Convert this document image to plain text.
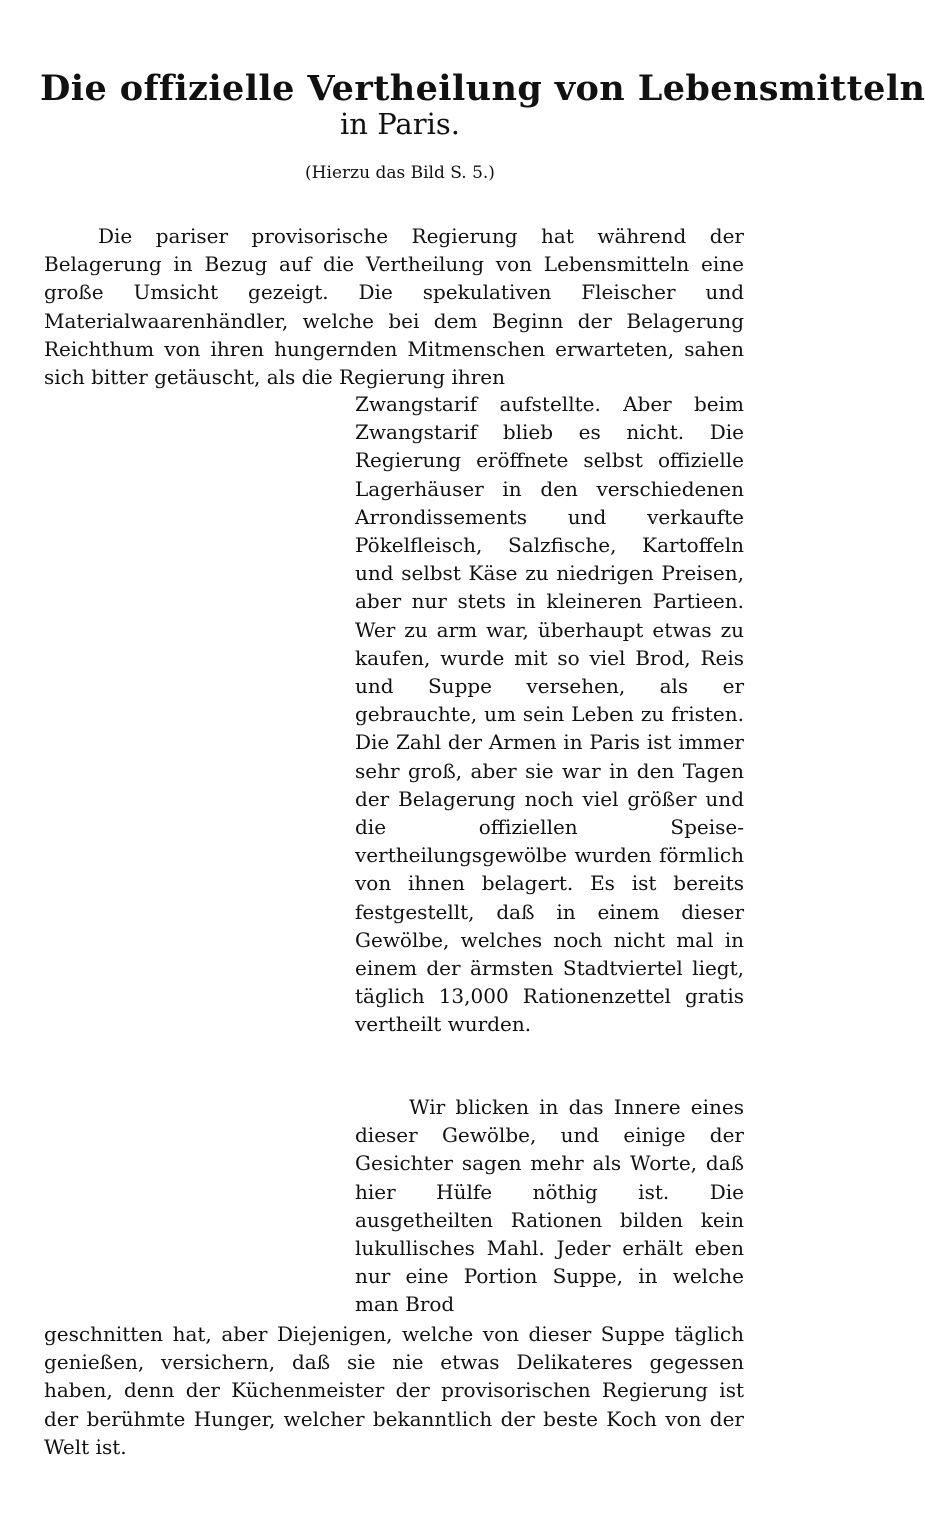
Die offizielle Vertheilung von Lebensmitteln
in Paris.
(Hierzu das Bild S. 5.)

Die pariser provisorische Regierung hat während der Belagerung in Bezug auf die Vertheilung von Lebensmitteln eine große Umsicht gezeigt. Die spekulativen Fleischer und Materialwaarenhändler, welche bei dem Beginn der Belagerung Reichthum von ihren hungernden Mitmenschen erwarteten, sahen sich bitter getäuscht, als die Regierung ihren

Zwangstarif aufstellte. Aber beim Zwangstarif blieb es nicht. Die Regierung eröffnete selbst offizielle Lagerhäuser in den verschiedenen Arrondissements und verkaufte Pökelfleisch, Salzfische, Kartoffeln und selbst Käse zu niedrigen Preisen, aber nur stets in kleineren Partieen. Wer zu arm war, überhaupt etwas zu kaufen, wurde mit so viel Brod, Reis und Suppe versehen, als er gebrauchte, um sein Leben zu fristen. Die Zahl der Armen in Paris ist immer sehr groß, aber sie war in den Tagen der Belagerung noch viel größer und die offiziellen Speisevertheilungsgewölbe wurden förmlich von ihnen belagert. Es ist bereits festgestellt, daß in einem dieser Gewölbe, welches noch nicht mal in einem der ärmsten Stadtviertel liegt, täglich 13,000 Rationenzettel gratis vertheilt wurden.

Wir blicken in das Innere eines dieser Gewölbe, und einige der Gesichter sagen mehr als Worte, daß hier Hülfe nöthig ist. Die ausgetheilten Rationen bilden kein lukullisches Mahl. Jeder erhält eben nur eine Portion Suppe, in welche man Brod

geschnitten hat, aber Diejenigen, welche von dieser Suppe täglich genießen, versichern, daß sie nie etwas Delikateres gegessen haben, denn der Küchenmeister der provisorischen Regierung ist der berühmte Hunger, welcher bekanntlich der beste Koch von der Welt ist.
